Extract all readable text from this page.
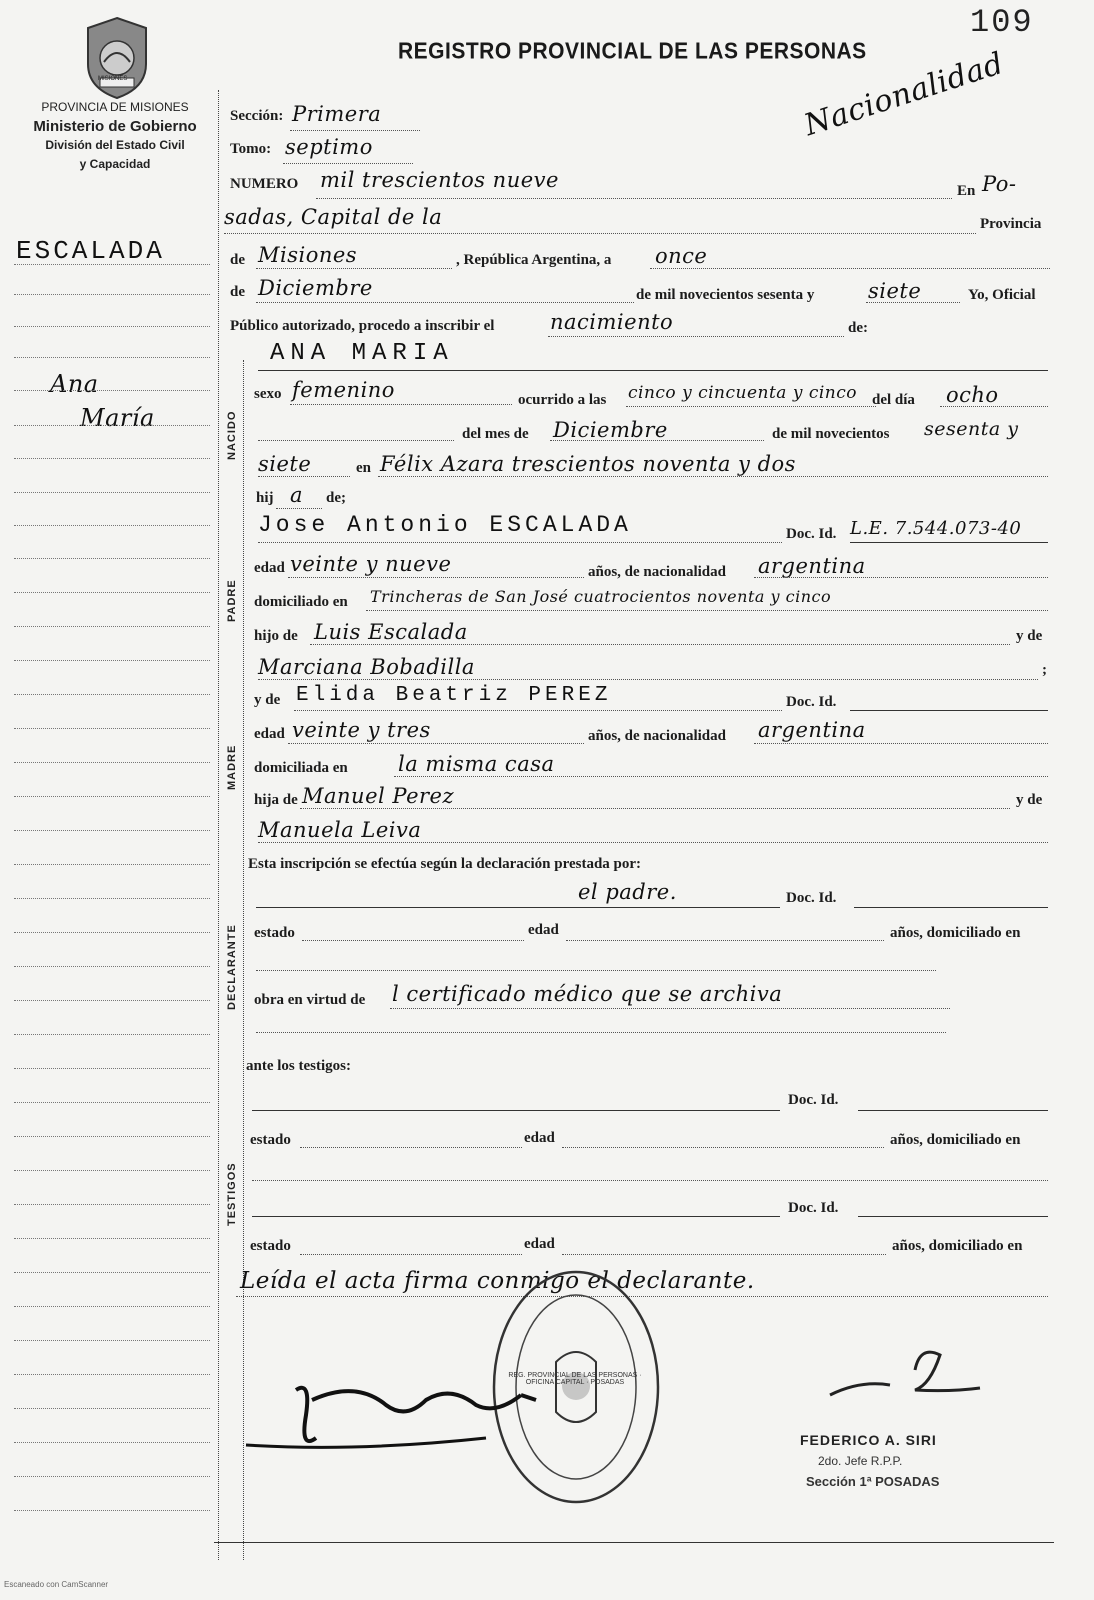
109
MISIONES
PROVINCIA DE MISIONES
Ministerio de Gobierno
División del Estado Civil
y Capacidad
REGISTRO PROVINCIAL DE LAS PERSONAS
Nacionalidad
ESCALADA
Ana
María
Sección: Primera
Tomo: septimo
NUMERO mil trescientos nueve	En Po-
sadas, Capital de la	Provincia
de Misiones	, República Argentina, a once
de Diciembre	de mil novecientos sesenta y	siete	Yo, Oficial
Público autorizado, procedo a inscribir el	nacimiento	de:
NACIDO
ANA MARIA
sexo femenino	ocurrido a las cinco y cincuenta y cinco del día ocho
del mes de Diciembre	de mil novecientos sesenta y
siete	en Félix Azara trescientos noventa y dos
hij a de;
PADRE
Jose Antonio ESCALADA	Doc. Id. L.E. 7.544.073-40
edad veinte y nueve	años, de nacionalidad argentina
domiciliado en Trincheras de San José cuatrocientos noventa y cinco
hijo de Luis Escalada	y de
Marciana Bobadilla	;
MADRE
y de Elida Beatriz PEREZ	Doc. Id.
edad veinte y tres	años, de nacionalidad argentina
domiciliada en la misma casa
hija de Manuel Perez	y de
Manuela Leiva
Esta inscripción se efectúa según la declaración prestada por:
DECLARANTE
el padre.	Doc. Id.
estado	edad	años, domiciliado en
obra en virtud de l certificado médico que se archiva
ante los testigos:
TESTIGOS
Doc. Id.
estado	edad	años, domiciliado en
Doc. Id.
estado	edad	años, domiciliado en
Leída el acta firma conmigo el declarante.
REG. PROVINCIAL DE LAS PERSONAS · OFICINA CAPITAL · POSADAS
FEDERICO A. SIRI
2do. Jefe R.P.P.
Sección 1ª POSADAS
Escaneado con CamScanner
